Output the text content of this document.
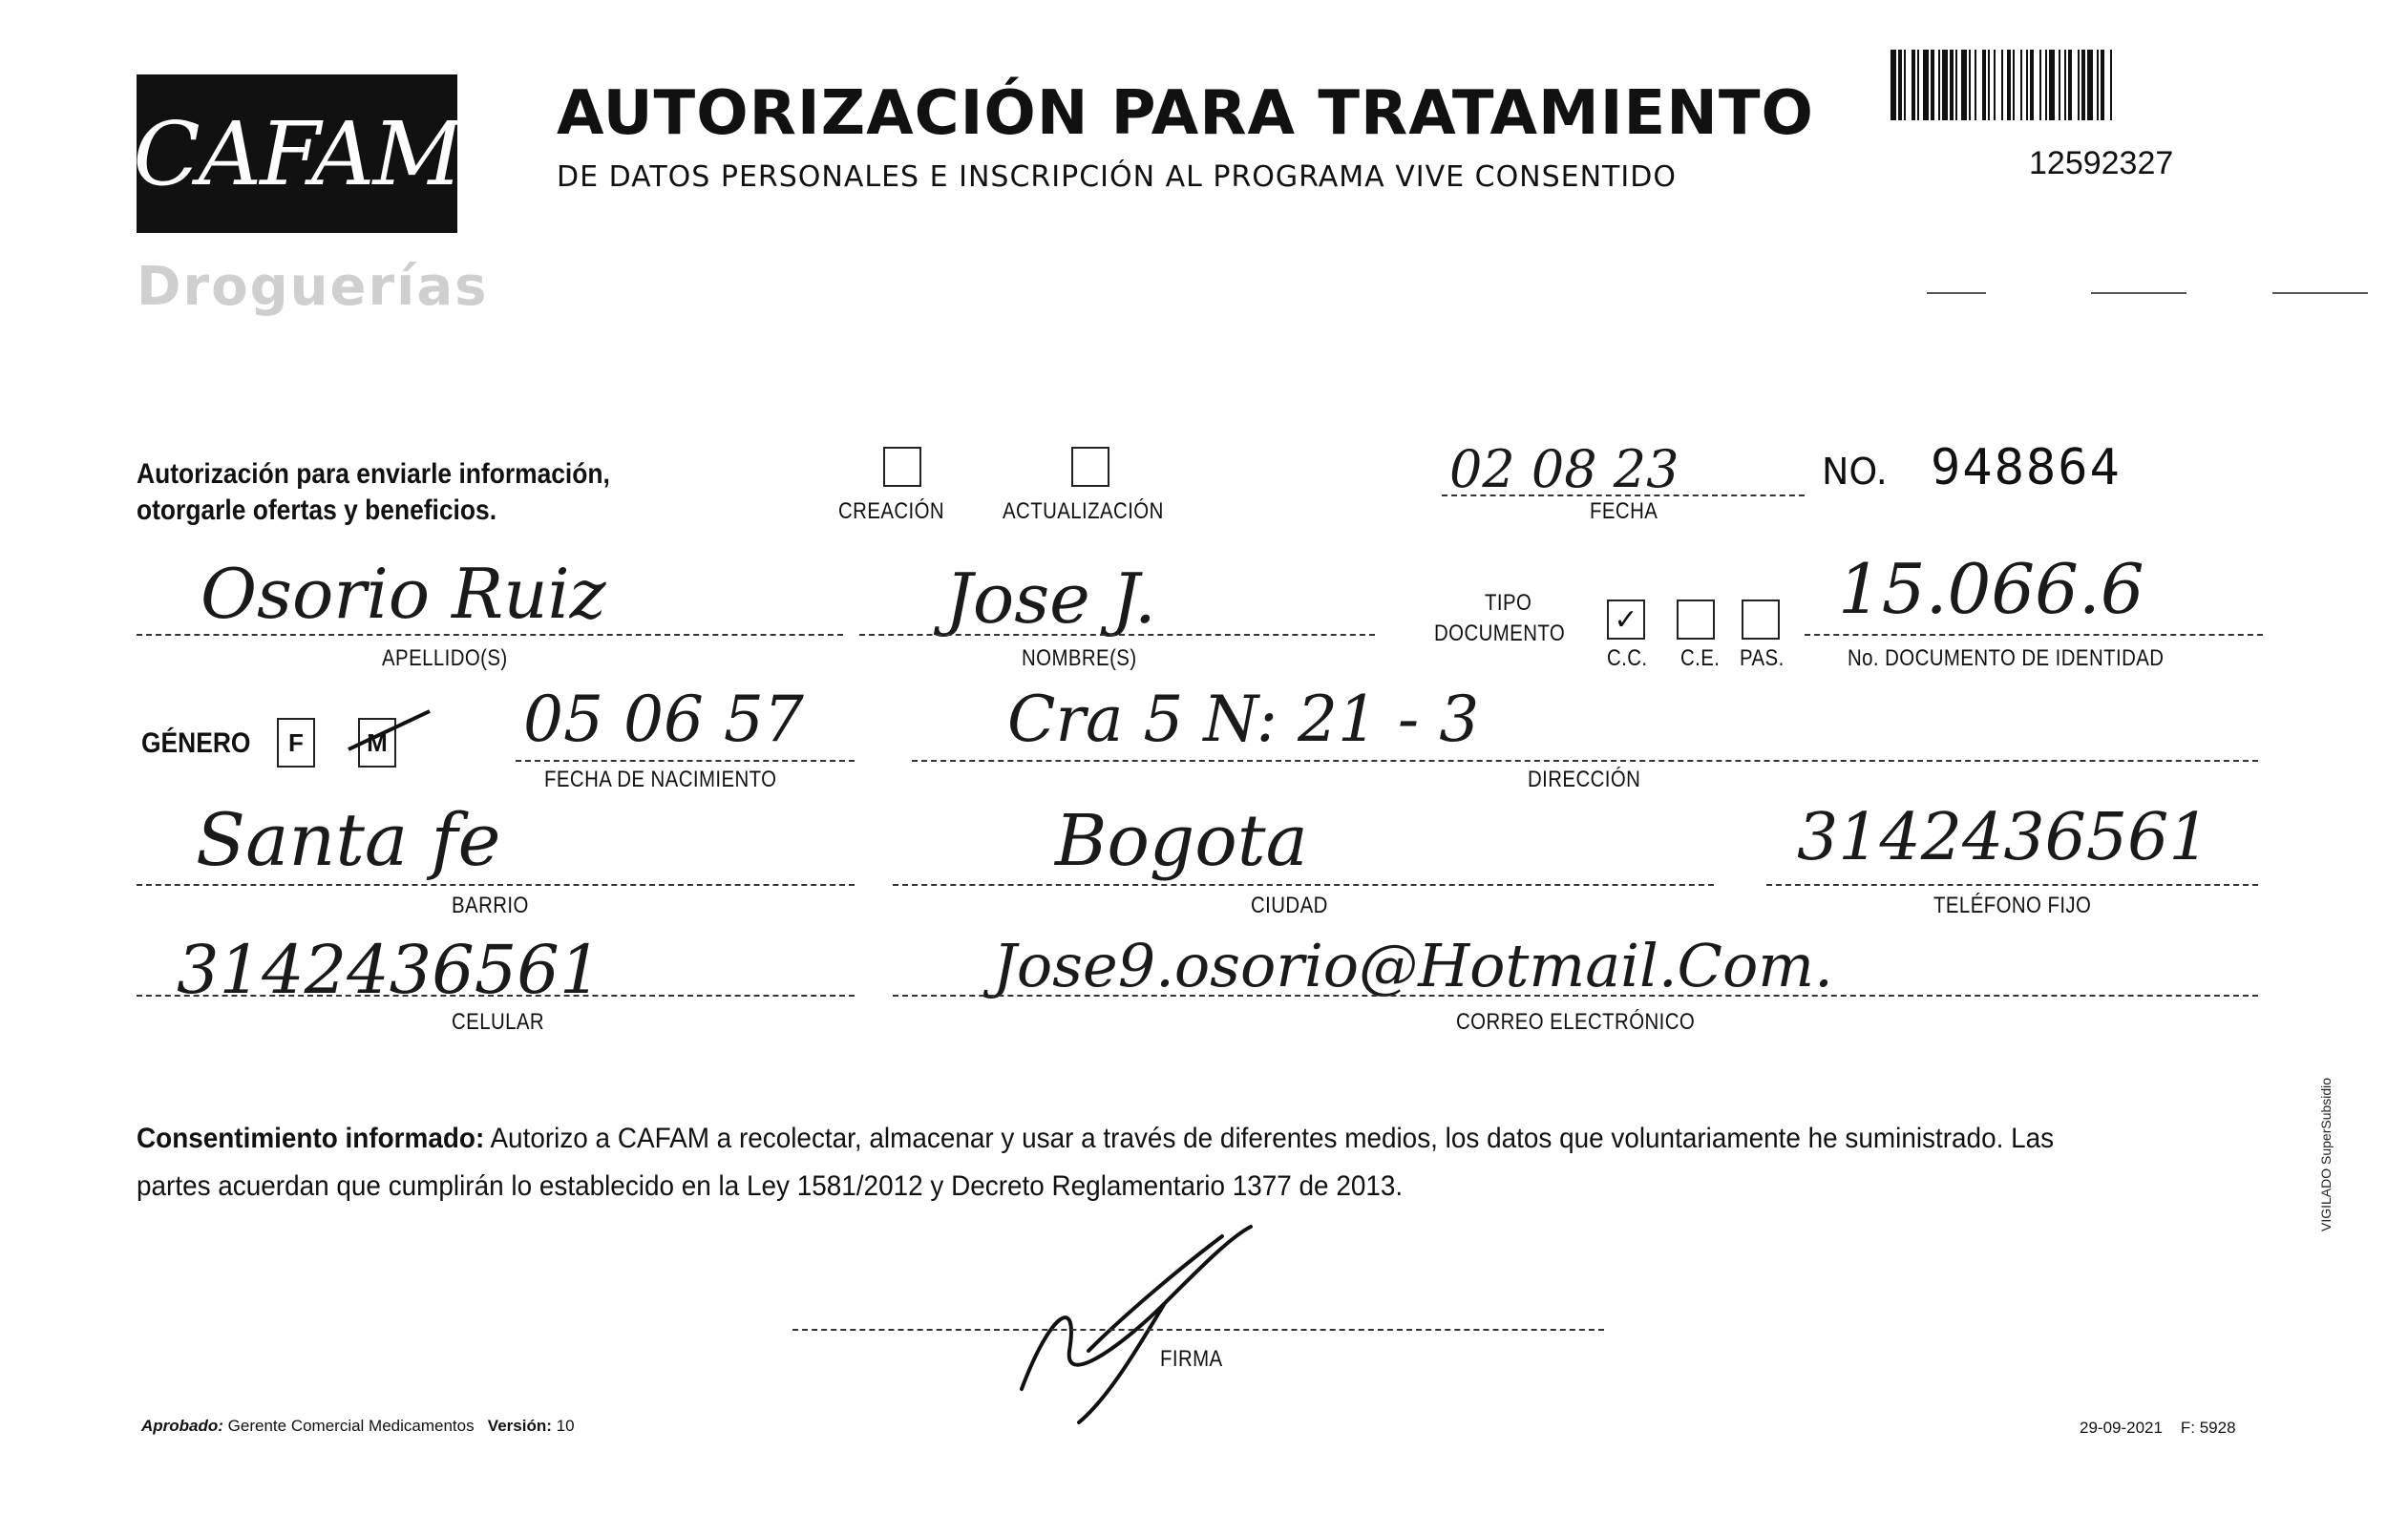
CAFAM
Droguerías
AUTORIZACIÓN PARA TRATAMIENTO
DE DATOS PERSONALES E INSCRIPCIÓN AL PROGRAMA VIVE CONSENTIDO	12592327
Autorización para enviarle información,
otorgarle ofertas y beneficios.	CREACIÓN	ACTUALIZACIÓN
02 08 23
FECHA
NO. 948864
Osorio Ruiz
APELLIDO(S)
Jose J.
NOMBRE(S)
TIPO
DOCUMENTO ✓
C.C. C.E. PAS.
15.066.6
No. DOCUMENTO DE IDENTIDAD
GÉNERO F	M 05 06 57
FECHA DE NACIMIENTO
Cra 5 N: 21 - 3
DIRECCIÓN
Santa fe
BARRIO
Bogota
CIUDAD
3142436561
TELÉFONO FIJO
3142436561
CELULAR
Jose9.osorio@Hotmail.Com.
CORREO ELECTRÓNICO
Consentimiento informado: Autorizo a CAFAM a recolectar, almacenar y usar a través de diferentes medios, los datos que voluntariamente he suministrado. Las partes acuerdan que cumplirán lo establecido en la Ley 1581/2012 y Decreto Reglamentario 1377 de 2013.
FIRMA
Aprobado: Gerente Comercial Medicamentos Versión: 10	29-09-2021 F: 5928
VIGILADO SuperSubsidio
